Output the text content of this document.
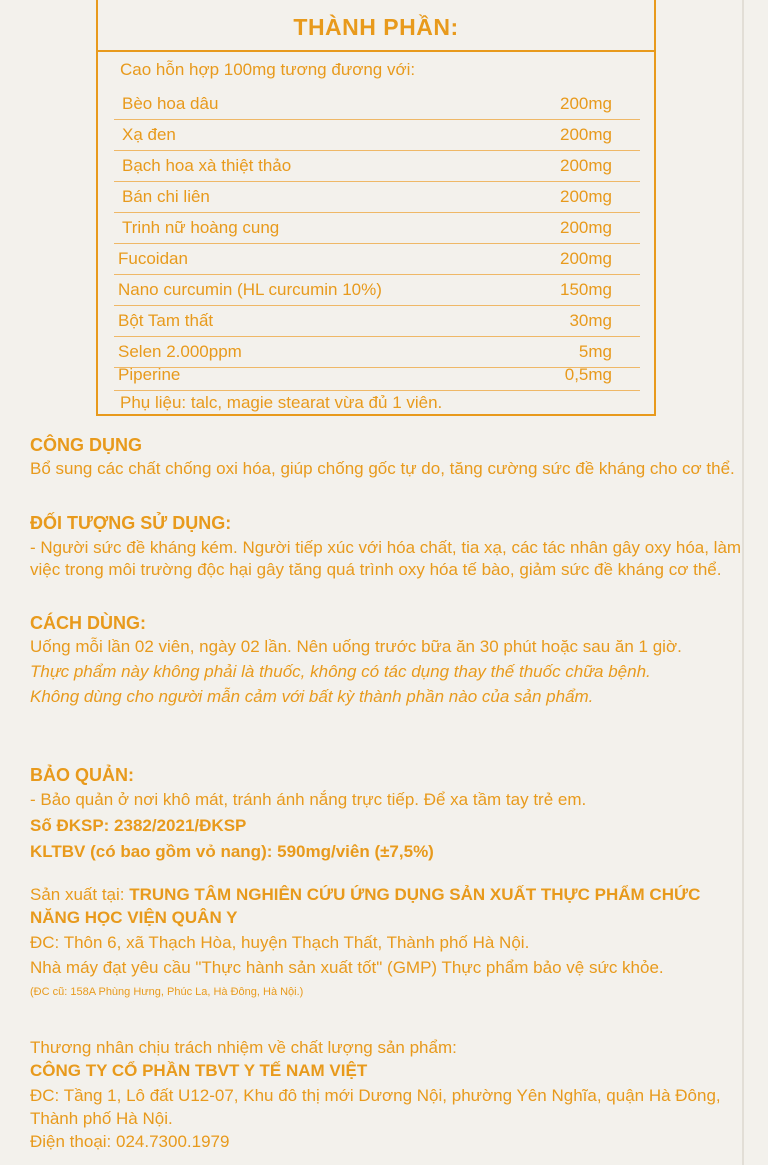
THÀNH PHẦN:
Cao hỗn hợp 100mg tương đương với:
Bèo hoa dâu	200mg
Xạ đen	200mg
Bạch hoa xà thiệt thảo	200mg
Bán chi liên	200mg
Trinh nữ hoàng cung	200mg
Fucoidan	200mg
Nano curcumin (HL curcumin 10%)	150mg
Bột Tam thất	30mg
Selen 2.000ppm	5mg
Piperine	0,5mg
Phụ liệu: talc, magie stearat vừa đủ 1 viên.
CÔNG DỤNG
Bổ sung các chất chống oxi hóa, giúp chống gốc tự do, tăng cường sức đề kháng cho cơ thể.
ĐỐI TƯỢNG SỬ DỤNG:
- Người sức đề kháng kém. Người tiếp xúc với hóa chất, tia xạ, các tác nhân gây oxy hóa, làm việc trong môi trường độc hại gây tăng quá trình oxy hóa tế bào, giảm sức đề kháng cơ thể.
CÁCH DÙNG:
Uống mỗi lần 02 viên, ngày 02 lần. Nên uống trước bữa ăn 30 phút hoặc sau ăn 1 giờ.
Thực phẩm này không phải là thuốc, không có tác dụng thay thế thuốc chữa bệnh.
Không dùng cho người mẫn cảm với bất kỳ thành phần nào của sản phẩm.
BẢO QUẢN:
- Bảo quản ở nơi khô mát, tránh ánh nắng trực tiếp. Để xa tầm tay trẻ em.
Số ĐKSP: 2382/2021/ĐKSP
KLTBV (có bao gồm vỏ nang): 590mg/viên (±7,5%)
Sản xuất tại: TRUNG TÂM NGHIÊN CỨU ỨNG DỤNG SẢN XUẤT THỰC PHẨM CHỨC NĂNG HỌC VIỆN QUÂN Y
ĐC: Thôn 6, xã Thạch Hòa, huyện Thạch Thất, Thành phố Hà Nội.
Nhà máy đạt yêu cầu "Thực hành sản xuất tốt" (GMP) Thực phẩm bảo vệ sức khỏe.
(ĐC cũ: 158A Phùng Hưng, Phúc La, Hà Đông, Hà Nội.)
Thương nhân chịu trách nhiệm về chất lượng sản phẩm:
CÔNG TY CỔ PHẦN TBVT Y TẾ NAM VIỆT
ĐC: Tầng 1, Lô đất U12-07, Khu đô thị mới Dương Nội, phường Yên Nghĩa, quận Hà Đông, Thành phố Hà Nội.
Điện thoại: 024.7300.1979
